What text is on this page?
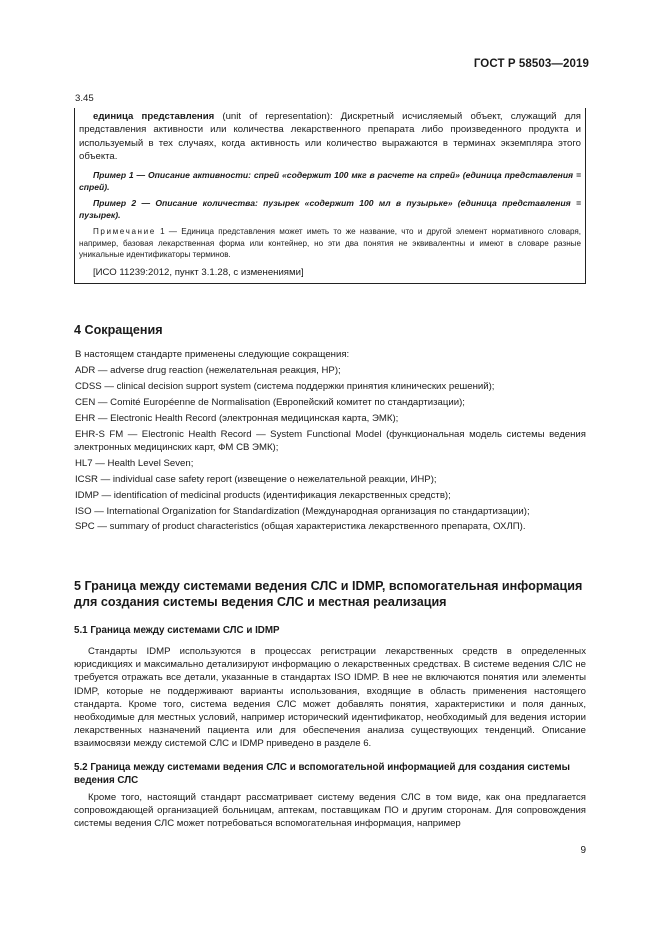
ГОСТ Р 58503—2019

3.45

единица представления (unit of representation): Дискретный исчисляемый объект, служащий для представления активности или количества лекарственного препарата либо произведенного продукта и используемый в тех случаях, когда активность или количество выражаются в терминах экземпляра этого объекта.

Пример 1 — Описание активности: спрей «содержит 100 мкг в расчете на спрей» (единица представления = спрей).

Пример 2 — Описание количества: пузырек «содержит 100 мл в пузырьке» (единица представления = пузырек).

Примечание 1 — Единица представления может иметь то же название, что и другой элемент нормативного словаря, например, базовая лекарственная форма или контейнер, но эти два понятия не эквивалентны и имеют в словаре разные уникальные идентификаторы терминов.

[ИСО 11239:2012, пункт 3.1.28, с изменениями]

4 Сокращения

В настоящем стандарте применены следующие сокращения:

ADR — adverse drug reaction (нежелательная реакция, НР);

CDSS — clinical decision support system (система поддержки принятия клинических решений);

CEN — Comité Européenne de Normalisation (Европейский комитет по стандартизации);

EHR — Electronic Health Record (электронная медицинская карта, ЭМК);

EHR-S FM — Electronic Health Record — System Functional Model (функциональная модель системы ведения электронных медицинских карт, ФМ СВ ЭМК);

HL7 — Health Level Seven;

ICSR — individual case safety report (извещение о нежелательной реакции, ИНР);

IDMP — identification of medicinal products (идентификация лекарственных средств);

ISO — International Organization for Standardization (Международная организация по стандартизации);

SPC — summary of product characteristics (общая характеристика лекарственного препарата, ОХЛП).

5 Граница между системами ведения СЛС и IDMP, вспомогательная информация для создания системы ведения СЛС и местная реализация
5.1 Граница между системами СЛС и IDMP

Стандарты IDMP используются в процессах регистрации лекарственных средств в определенных юрисдикциях и максимально детализируют информацию о лекарственных средствах. В системе ведения СЛС не требуется отражать все детали, указанные в стандартах ISO IDMP. В нее не включаются понятия или элементы IDMP, которые не поддерживают варианты использования, входящие в область применения настоящего стандарта. Кроме того, система ведения СЛС может добавлять понятия, характеристики и поля данных, необходимые для местных условий, например исторический идентификатор, необходимый для ведения истории лекарственных назначений пациента или для обеспечения анализа существующих тенденций. Описание взаимосвязи между системой СЛС и IDMP приведено в разделе 6.

5.2 Граница между системами ведения СЛС и вспомогательной информацией для создания системы ведения СЛС

Кроме того, настоящий стандарт рассматривает систему ведения СЛС в том виде, как она предлагается сопровождающей организацией больницам, аптекам, поставщикам ПО и другим сторонам. Для сопровождения системы ведения СЛС может потребоваться вспомогательная информация, например

9
